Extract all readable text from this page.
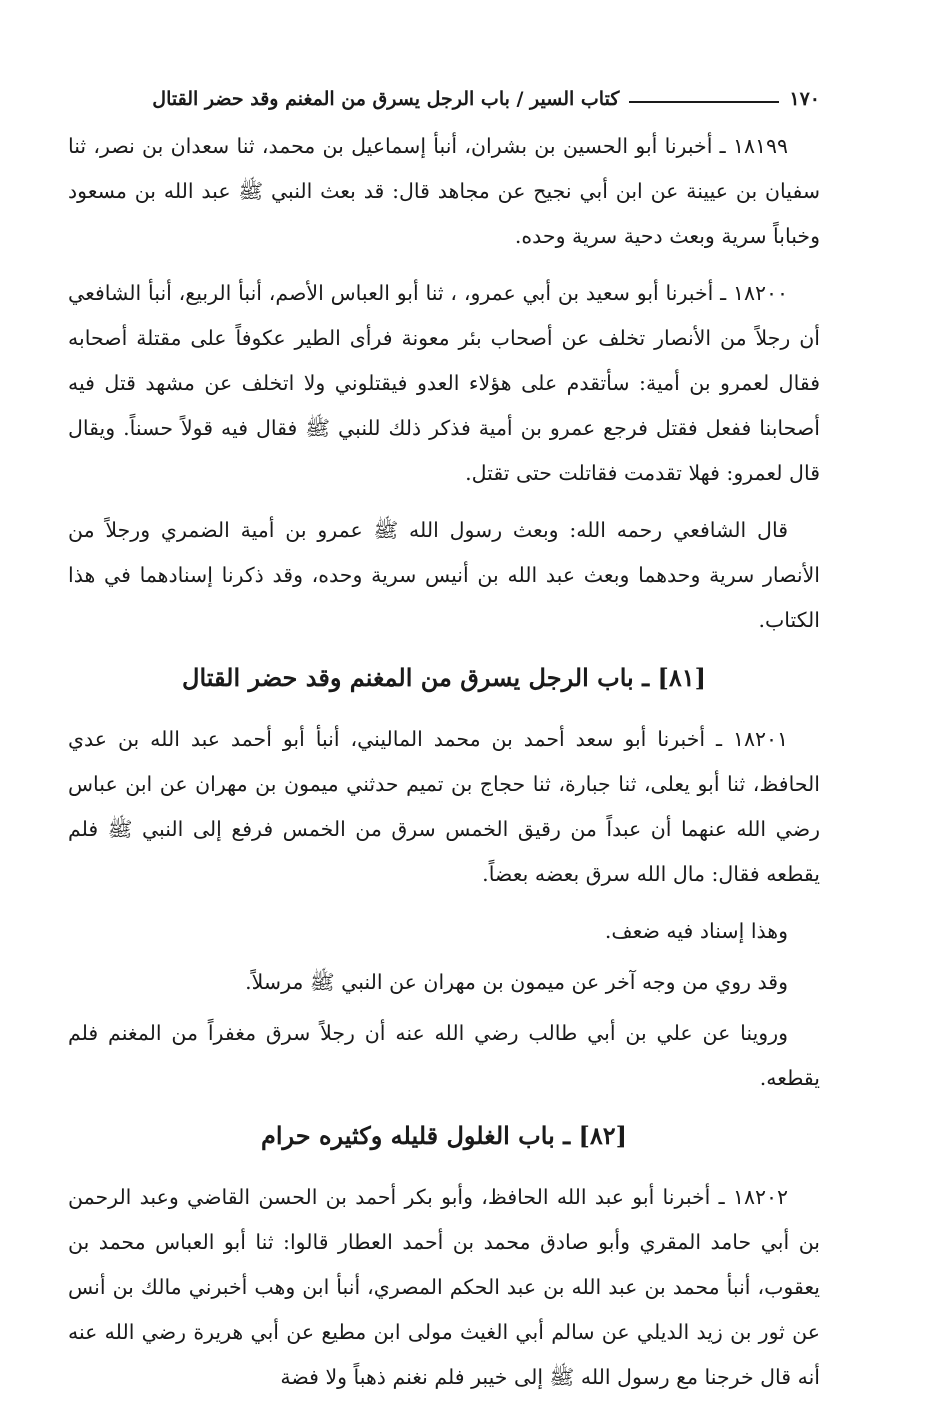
١٧٠
كتاب السير / باب الرجل يسرق من المغنم وقد حضر القتال

١٨١٩٩ ـ أخبرنا أبو الحسين بن بشران، أنبأ إسماعيل بن محمد، ثنا سعدان بن نصر، ثنا سفيان بن عيينة عن ابن أبي نجيح عن مجاهد قال: قد بعث النبي ﷺ عبد الله بن مسعود وخباباً سرية وبعث دحية سرية وحده.

١٨٢٠٠ ـ أخبرنا أبو سعيد بن أبي عمرو، ، ثنا أبو العباس الأصم، أنبأ الربيع، أنبأ الشافعي أن رجلاً من الأنصار تخلف عن أصحاب بئر معونة فرأى الطير عكوفاً على مقتلة أصحابه فقال لعمرو بن أمية: سأتقدم على هؤلاء العدو فيقتلوني ولا اتخلف عن مشهد قتل فيه أصحابنا ففعل فقتل فرجع عمرو بن أمية فذكر ذلك للنبي ﷺ فقال فيه قولاً حسناً. ويقال قال لعمرو: فهلا تقدمت فقاتلت حتى تقتل.

قال الشافعي رحمه الله: وبعث رسول الله ﷺ عمرو بن أمية الضمري ورجلاً من الأنصار سرية وحدهما وبعث عبد الله بن أنيس سرية وحده، وقد ذكرنا إسنادهما في هذا الكتاب.

[٨١] ـ باب الرجل يسرق من المغنم وقد حضر القتال

١٨٢٠١ ـ أخبرنا أبو سعد أحمد بن محمد الماليني، أنبأ أبو أحمد عبد الله بن عدي الحافظ، ثنا أبو يعلى، ثنا جبارة، ثنا حجاج بن تميم حدثني ميمون بن مهران عن ابن عباس رضي الله عنهما أن عبداً من رقيق الخمس سرق من الخمس فرفع إلى النبي ﷺ فلم يقطعه فقال: مال الله سرق بعضه بعضاً.

وهذا إسناد فيه ضعف.

وقد روي من وجه آخر عن ميمون بن مهران عن النبي ﷺ مرسلاً.

وروينا عن علي بن أبي طالب رضي الله عنه أن رجلاً سرق مغفراً من المغنم فلم يقطعه.

[٨٢] ـ باب الغلول قليله وكثيره حرام

١٨٢٠٢ ـ أخبرنا أبو عبد الله الحافظ، وأبو بكر أحمد بن الحسن القاضي وعبد الرحمن بن أبي حامد المقري وأبو صادق محمد بن أحمد العطار قالوا: ثنا أبو العباس محمد بن يعقوب، أنبأ محمد بن عبد الله بن عبد الحكم المصري، أنبأ ابن وهب أخبرني مالك بن أنس عن ثور بن زيد الديلي عن سالم أبي الغيث مولى ابن مطيع عن أبي هريرة رضي الله عنه أنه قال خرجنا مع رسول الله ﷺ إلى خيبر فلم نغنم ذهباً ولا فضة
